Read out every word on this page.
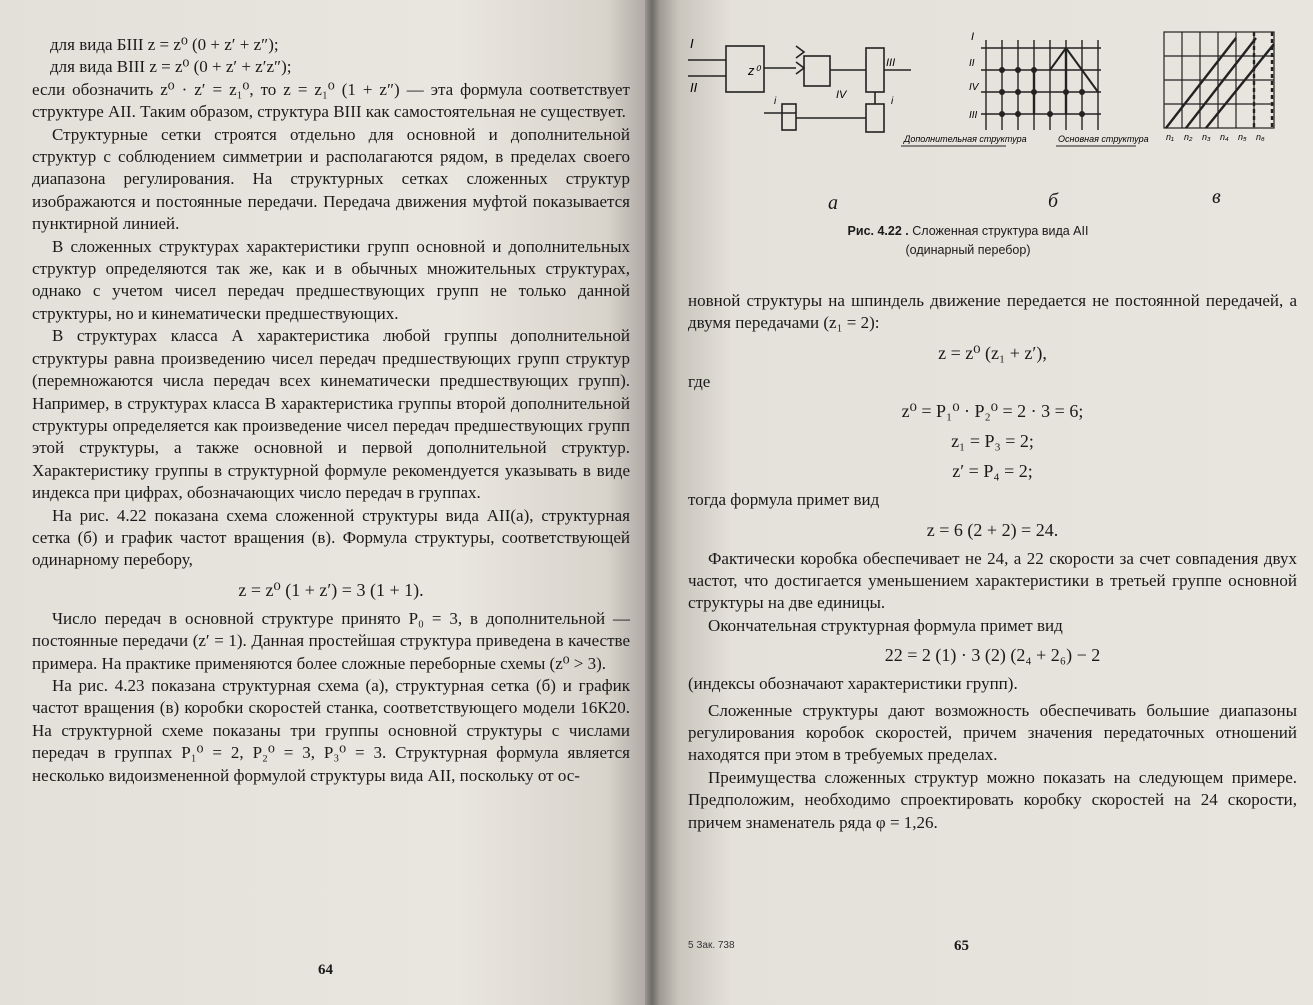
для вида БIII z = z⁰ (0 + z′ + z″);
для вида ВIII z = z⁰ (0 + z′ + z′z″);

если обозначить z⁰ · z′ = z₁⁰, то z = z₁⁰ (1 + z″) — эта формула соответствует структуре AII. Таким образом, структура ВIII как самостоятельная не существует.

Структурные сетки строятся отдельно для основной и дополнительной структур с соблюдением симметрии и располагаются рядом, в пределах своего диапазона регулирования. На структурных сетках сложенных структур изображаются и постоянные передачи. Передача движения муфтой показывается пунктирной линией.

В сложенных структурах характеристики групп основной и дополнительных структур определяются так же, как и в обычных множительных структурах, однако с учетом чисел передач предшествующих групп не только данной структуры, но и кинематически предшествующих.

В структурах класса А характеристика любой группы дополнительной структуры равна произведению чисел передач предшествующих групп структур (перемножаются числа передач всех кинематически предшествующих групп). Например, в структурах класса В характеристика группы второй дополнительной структуры определяется как произведение чисел передач предшествующих групп этой структуры, а также основной и первой дополнительной структур. Характеристику группы в структурной формуле рекомендуется указывать в виде индекса при цифрах, обозначающих число передач в группах.

На рис. 4.22 показана схема сложенной структуры вида AII(a), структурная сетка (б) и график частот вращения (в). Формула структуры, соответствующей одинарному перебору,

z = z⁰ (1 + z′) = 3 (1 + 1).

Число передач в основной структуре принято P₀ = 3, в дополнительной — постоянные передачи (z′ = 1). Данная простейшая структура приведена в качестве примера. На практике применяются более сложные переборные схемы (z⁰ > 3).

На рис. 4.23 показана структурная схема (а), структурная сетка (б) и график частот вращения (в) коробки скоростей станка, соответствующего модели 16К20. На структурной схеме показаны три группы основной структуры с числами передач в группах P₁⁰ = 2, P₂⁰ = 3, P₃⁰ = 3. Структурная формула является несколько видоизмененной формулой структуры вида AII, поскольку от ос-

64
I
II
z⁰
i
IV
III
i
I
II
IV
III
Дополнительная структура	Основная структура n₁ n₂ n₃ n₄ n₅ n₆
а	б	в
Рис. 4.22 . Сложенная структура вида AII
(одинарный перебор)

новной структуры на шпиндель движение передается не постоянной передачей, а двумя передачами (z₁ = 2):

z = z⁰ (z₁ + z′),
где
z⁰ = P₁⁰ · P₂⁰ = 2 · 3 = 6;
z₁ = P₃ = 2;
z′ = P₄ = 2;
тогда формула примет вид
z = 6 (2 + 2) = 24.

Фактически коробка обеспечивает не 24, а 22 скорости за счет совпадения двух частот, что достигается уменьшением характеристики в третьей группе основной структуры на две единицы.

Окончательная структурная формула примет вид

22 = 2 (1) · 3 (2) (2₄ + 2₆) − 2

(индексы обозначают характеристики групп).

Сложенные структуры дают возможность обеспечивать большие диапазоны регулирования коробок скоростей, причем значения передаточных отношений находятся при этом в требуемых пределах.

Преимущества сложенных структур можно показать на следующем примере. Предположим, необходимо спроектировать коробку скоростей на 24 скорости, причем знаменатель ряда φ = 1,26.

5 Зак. 738	65
